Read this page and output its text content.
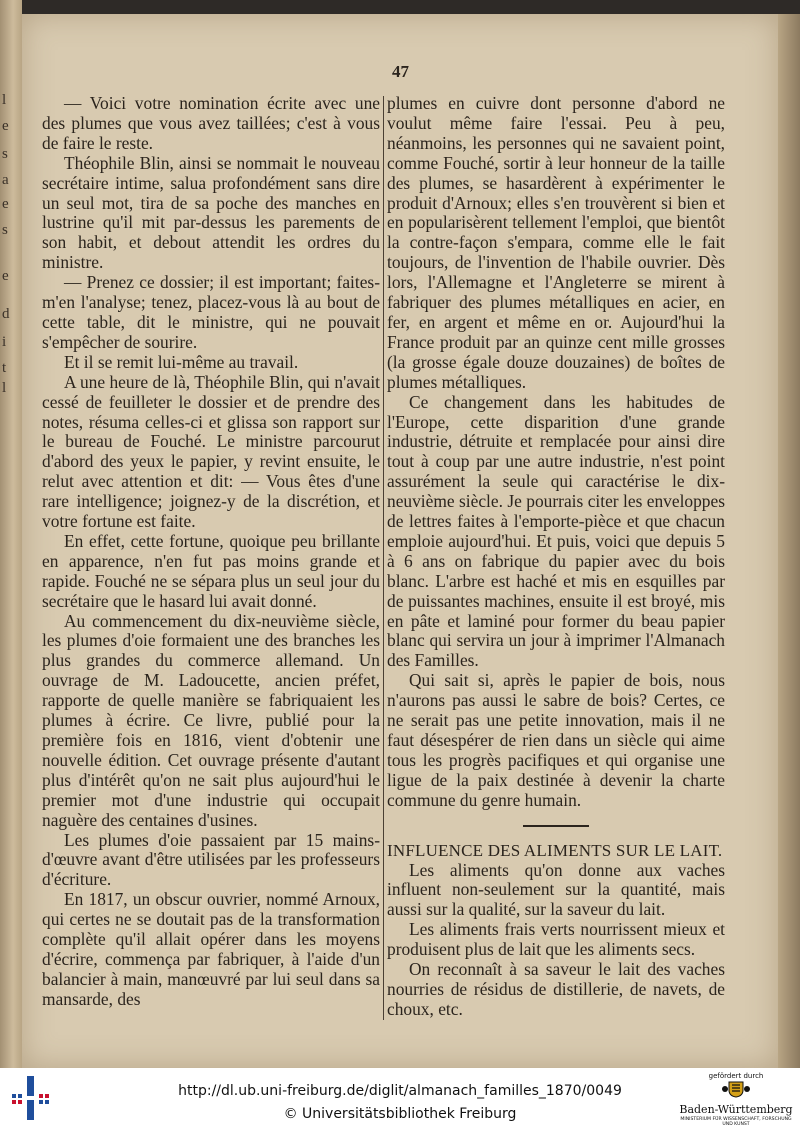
l
e
s
a
e
s
e
d
i
t
l
47

— Voici votre nomination écrite avec une des plumes que vous avez taillées; c'est à vous de faire le reste.

Théophile Blin, ainsi se nommait le nouveau secrétaire intime, salua profondément sans dire un seul mot, tira de sa poche des manches en lustrine qu'il mit par-dessus les parements de son habit, et debout attendit les ordres du ministre.

— Prenez ce dossier; il est important; faites-m'en l'analyse; tenez, placez-vous là au bout de cette table, dit le ministre, qui ne pouvait s'empêcher de sourire.

Et il se remit lui-même au travail.

A une heure de là, Théophile Blin, qui n'avait cessé de feuilleter le dossier et de prendre des notes, résuma celles-ci et glissa son rapport sur le bureau de Fouché. Le ministre parcourut d'abord des yeux le papier, y revint ensuite, le relut avec attention et dit: — Vous êtes d'une rare intelligence; joignez-y de la discrétion, et votre fortune est faite.

En effet, cette fortune, quoique peu brillante en apparence, n'en fut pas moins grande et rapide. Fouché ne se sépara plus un seul jour du secrétaire que le hasard lui avait donné.

Au commencement du dix-neuvième siècle, les plumes d'oie formaient une des branches les plus grandes du commerce allemand. Un ouvrage de M. Ladoucette, ancien préfet, rapporte de quelle manière se fabriquaient les plumes à écrire. Ce livre, publié pour la première fois en 1816, vient d'obtenir une nouvelle édition. Cet ouvrage présente d'autant plus d'intérêt qu'on ne sait plus aujourd'hui le premier mot d'une industrie qui occupait naguère des centaines d'usines.

Les plumes d'oie passaient par 15 mains-d'œuvre avant d'être utilisées par les professeurs d'écriture.

En 1817, un obscur ouvrier, nommé Arnoux, qui certes ne se doutait pas de la transformation complète qu'il allait opérer dans les moyens d'écrire, commença par fabriquer, à l'aide d'un balancier à main, manœuvré par lui seul dans sa mansarde, des

plumes en cuivre dont personne d'abord ne voulut même faire l'essai. Peu à peu, néanmoins, les personnes qui ne savaient point, comme Fouché, sortir à leur honneur de la taille des plumes, se hasardèrent à expérimenter le produit d'Arnoux; elles s'en trouvèrent si bien et en popularisèrent tellement l'emploi, que bientôt la contre-façon s'empara, comme elle le fait toujours, de l'invention de l'habile ouvrier. Dès lors, l'Allemagne et l'Angleterre se mirent à fabriquer des plumes métalliques en acier, en fer, en argent et même en or. Aujourd'hui la France produit par an quinze cent mille grosses (la grosse égale douze douzaines) de boîtes de plumes métalliques.

Ce changement dans les habitudes de l'Europe, cette disparition d'une grande industrie, détruite et remplacée pour ainsi dire tout à coup par une autre industrie, n'est point assurément la seule qui caractérise le dix-neuvième siècle. Je pourrais citer les enveloppes de lettres faites à l'emporte-pièce et que chacun emploie aujourd'hui. Et puis, voici que depuis 5 à 6 ans on fabrique du papier avec du bois blanc. L'arbre est haché et mis en esquilles par de puissantes machines, ensuite il est broyé, mis en pâte et laminé pour former du beau papier blanc qui servira un jour à imprimer l'Almanach des Familles.

Qui sait si, après le papier de bois, nous n'aurons pas aussi le sabre de bois? Certes, ce ne serait pas une petite innovation, mais il ne faut désespérer de rien dans un siècle qui aime tous les progrès pacifiques et qui organise une ligue de la paix destinée à devenir la charte commune du genre humain.

INFLUENCE DES ALIMENTS SUR LE LAIT.

Les aliments qu'on donne aux vaches influent non-seulement sur la quantité, mais aussi sur la qualité, sur la saveur du lait.

Les aliments frais verts nourrissent mieux et produisent plus de lait que les aliments secs.

On reconnaît à sa saveur le lait des vaches nourries de résidus de distillerie, de navets, de choux, etc.

http://dl.ub.uni-freiburg.de/diglit/almanach_familles_1870/0049
© Universitätsbibliothek Freiburg
gefördert durch
Baden-Württemberg
MINISTERIUM FÜR WISSENSCHAFT, FORSCHUNG UND KUNST
